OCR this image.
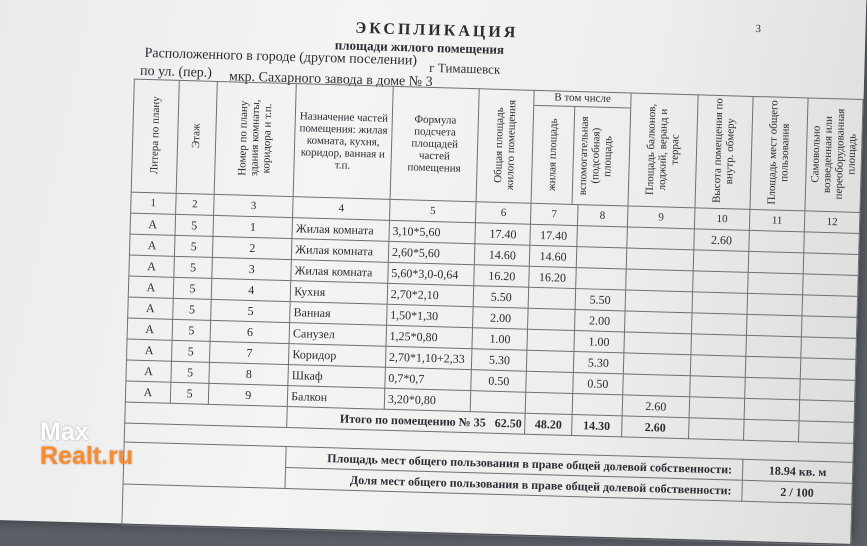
3
ЭКСПЛИКАЦИЯ
площади жилого помещения
Расположенного в городе (другом поселении) г Тимашевск
по ул. (пер.) мкр. Сахарного завода в доме № 3
Литера по плану	Этаж	Номер по плану здания комнаты, коридора и т.п.	Назначение частей помещения: жилая комната, кухня, коридор, ванная и т.п.	Формула подсчета площадей частей помещения	Общая площадь жилого помещения	В том числе
жилая площадь вспомогательная (подсобная) площадь		Площадь балконов, лоджий, веранд и террас	Высота помещения по внутр. обмеру	Площадь мест общего пользования	Самовольно возведенная или переоборудованная площадь
1	2	3	4	5	6	7	8	9	10	11	12
А	5	1	Жилая комната	3,10*5,60	17.40	17.40			2.60		
А	5	2	Жилая комната	2,60*5,60	14.60	14.60					
А	5	3	Жилая комната	5,60*3,0-0,64	16.20	16.20					
А	5	4	Кухня	2,70*2,10	5.50		5.50				
А	5	5	Ванная	1,50*1,30	2.00		2.00				
А	5	6	Санузел	1,25*0,80	1.00		1.00				
А	5	7	Коридор	2,70*1,10+2,33	5.30		5.30				
А	5	8	Шкаф	0,7*0,7	0.50		0.50				
А	5	9	Балкон	3,20*0,80				2.60			
			Итого по помещению № 35 62.50			48.20	14.30	2.60			

			Площадь мест общего пользования в праве общей долевой собственности:							18.94 кв. м	
			Доля мест общего пользования в праве общей долевой собственности:							2 / 100	

Max
Realt.ru
